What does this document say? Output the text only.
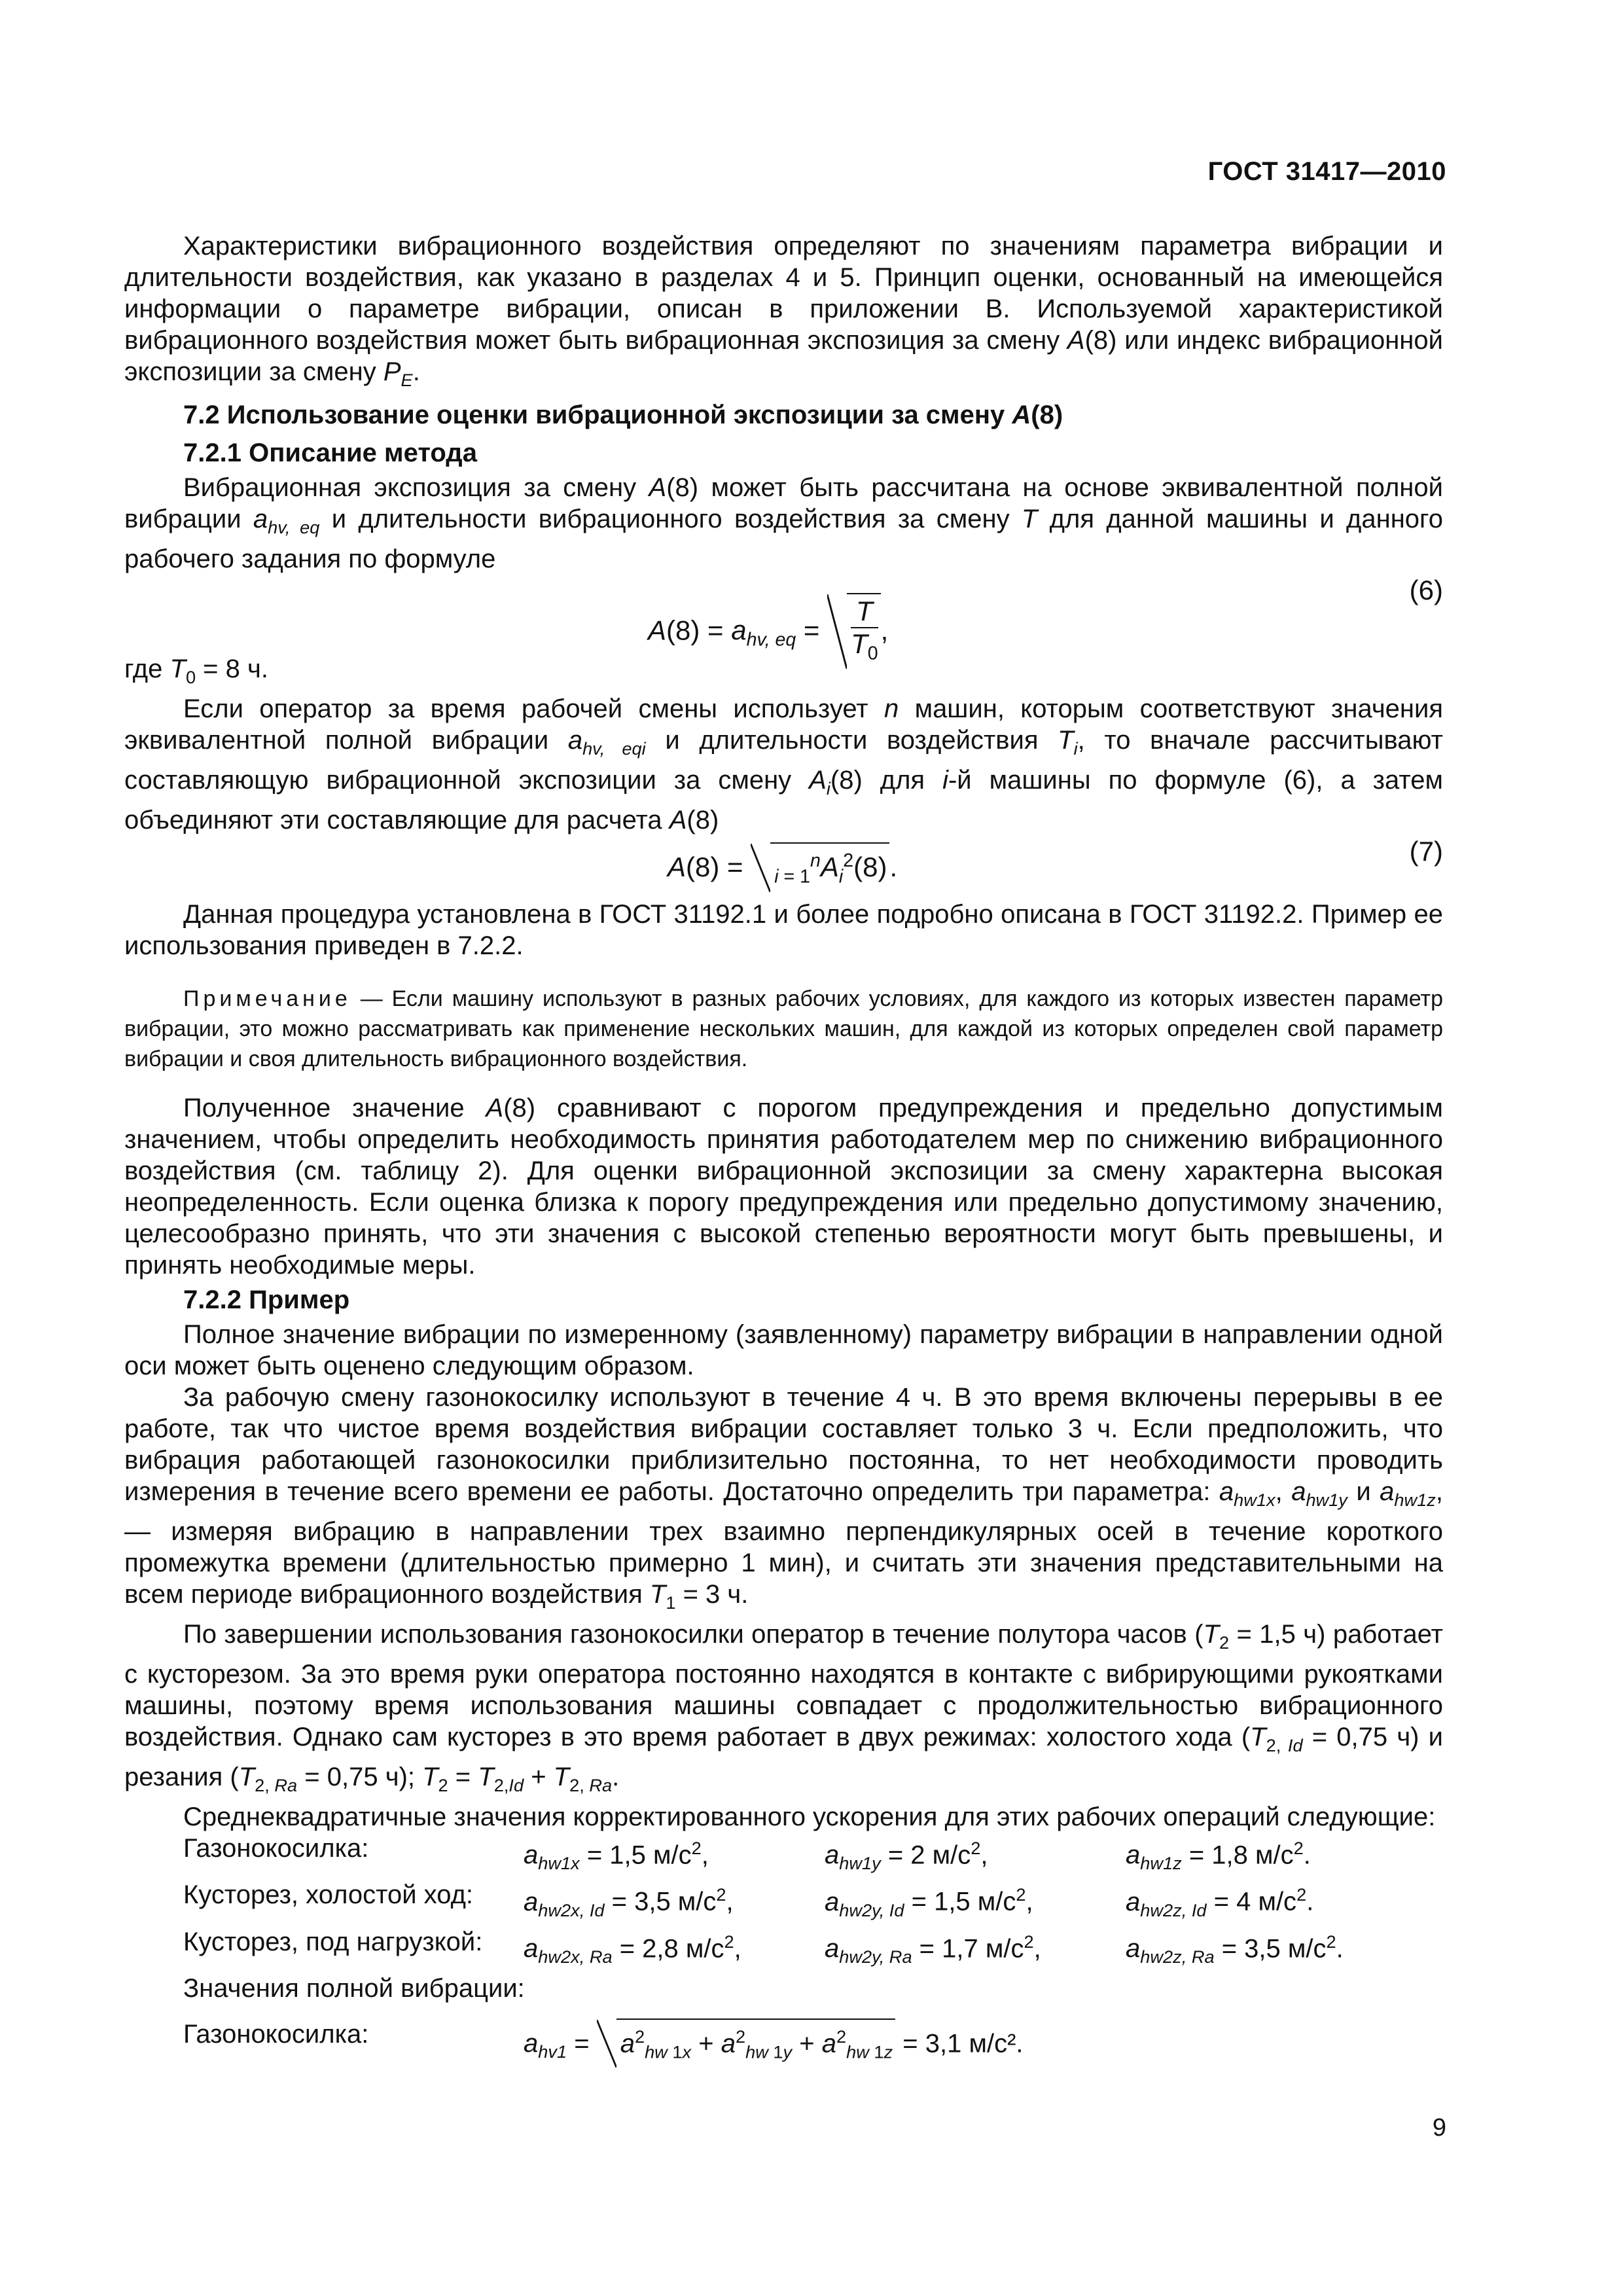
ГОСТ 31417—2010

Характеристики вибрационного воздействия определяют по значениям параметра вибрации и длительности воздействия, как указано в разделах 4 и 5. Принцип оценки, основанный на имеющейся информации о параметре вибрации, описан в приложении В. Используемой характеристикой вибрационного воздействия может быть вибрационная экспозиция за смену A(8) или индекс вибрационной экспозиции за смену $P_E$.

7.2 Использование оценки вибрационной экспозиции за смену A(8)
7.2.1 Описание метода

Вибрационная экспозиция за смену A(8) может быть рассчитана на основе эквивалентной полной вибрации $a_{hv, eq}$ и длительности вибрационного воздействия за смену T для данной машины и данного рабочего задания по формуле

$A(8) = a_{hv, eq} = \frac{T}{T_0}$ ,
(6)

где $T_0 = 8$ ч.

Если оператор за время рабочей смены использует n машин, которым соответствуют значения эквивалентной полной вибрации $a_{hv, eqi}$ и длительности воздействия $T_i$, то вначале рассчитывают составляющую вибрационной экспозиции за смену $A_i(8)$ для i-й машины по формуле (6), а затем объединяют эти составляющие для расчета A(8)

$A(8) = _{i = 1}^nA_i^2(8)$.
(7)

Данная процедура установлена в ГОСТ 31192.1 и более подробно описана в ГОСТ 31192.2. Пример ее использования приведен в 7.2.2.

Примечание — Если машину используют в разных рабочих условиях, для каждого из которых известен параметр вибрации, это можно рассматривать как применение нескольких машин, для каждой из которых определен свой параметр вибрации и своя длительность вибрационного воздействия.

Полученное значение A(8) сравнивают с порогом предупреждения и предельно допустимым значением, чтобы определить необходимость принятия работодателем мер по снижению вибрационного воздействия (см. таблицу 2). Для оценки вибрационной экспозиции за смену характерна высокая неопределенность. Если оценка близка к порогу предупреждения или предельно допустимому значению, целесообразно принять, что эти значения с высокой степенью вероятности могут быть превышены, и принять необходимые меры.

7.2.2 Пример

Полное значение вибрации по измеренному (заявленному) параметру вибрации в направлении одной оси может быть оценено следующим образом.

За рабочую смену газонокосилку используют в течение 4 ч. В это время включены перерывы в ее работе, так что чистое время воздействия вибрации составляет только 3 ч. Если предположить, что вибрация работающей газонокосилки приблизительно постоянна, то нет необходимости проводить измерения в течение всего времени ее работы. Достаточно определить три параметра: $a_{hw1x}$, $a_{hw1y}$ и $a_{hw1z}$, — измеряя вибрацию в направлении трех взаимно перпендикулярных осей в течение короткого промежутка времени (длительностью примерно 1 мин), и считать эти значения представительными на всем периоде вибрационного воздействия $T_1 = 3$ ч.

По завершении использования газонокосилки оператор в течение полутора часов ($T_2 = 1,5$ ч) работает с кусторезом. За это время руки оператора постоянно находятся в контакте с вибрирующими рукоятками машины, поэтому время использования машины совпадает с продолжительностью вибрационного воздействия. Однако сам кусторез в это время работает в двух режимах: холостого хода ($T_{2, Id} = 0,75$ ч) и резания ($T_{2, Ra} = 0,75$ ч); $T_2 = T_{2,Id} + T_{2, Ra}$.

Среднеквадратичные значения корректированного ускорения для этих рабочих операций следующие:

Газонокосилка:	$a_{hw1x} = 1,5$ $м/с^2$,	$a_{hw1y} = 2$ $м/с^2$,	$a_{hw1z} = 1,8$ $м/с^2$.
Кусторез, холостой ход:	$a_{hw2x, Id} = 3,5$ $м/с^2$,	$a_{hw2y, Id} = 1,5$ $м/с^2$,	$a_{hw2z, Id} = 4$ $м/с^2$.
Кусторез, под нагрузкой:	$a_{hw2x, Ra} = 2,8$ $м/с^2$,	$a_{hw2y, Ra} = 1,7$ $м/с^2$,	$a_{hw2z, Ra} = 3,5$ $м/с^2$.
Значения полной вибрации:			
Газонокосилка:	$a_{hv1} = a^2_{hw 1x} + a^2_{hw 1y} + a^2_{hw 1z} = 3,1$ м/с².		
9
